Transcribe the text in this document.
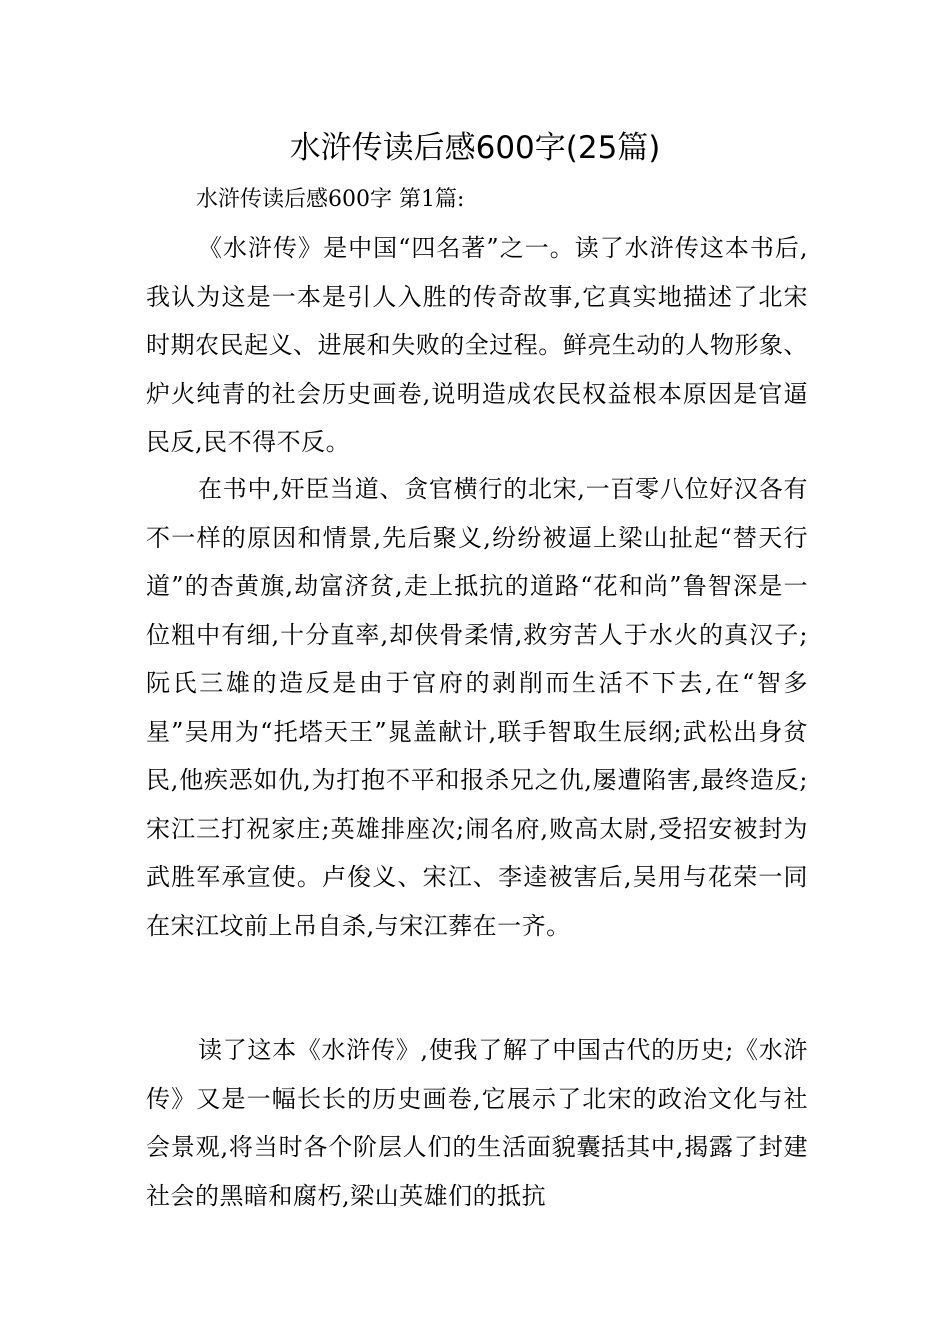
水浒传读后感600字(25篇)
水浒传读后感600字 第1篇:

《水浒传》是中国“四名著”之一。读了水浒传这本书后,我认为这是一本是引人入胜的传奇故事,它真实地描述了北宋时期农民起义、进展和失败的全过程。鲜亮生动的人物形象、炉火纯青的社会历史画卷,说明造成农民权益根本原因是官逼民反,民不得不反。

在书中,奸臣当道、贪官横行的北宋,一百零八位好汉各有不一样的原因和情景,先后聚义,纷纷被逼上梁山扯起“替天行道”的杏黄旗,劫富济贫,走上抵抗的道路“花和尚”鲁智深是一位粗中有细,十分直率,却侠骨柔情,救穷苦人于水火的真汉子;阮氏三雄的造反是由于官府的剥削而生活不下去,在“智多星”吴用为“托塔天王”晁盖献计,联手智取生辰纲;武松出身贫民,他疾恶如仇,为打抱不平和报杀兄之仇,屡遭陷害,最终造反;宋江三打祝家庄;英雄排座次;闹名府,败高太尉,受招安被封为武胜军承宣使。卢俊义、宋江、李逵被害后,吴用与花荣一同在宋江坟前上吊自杀,与宋江葬在一齐。

读了这本《水浒传》,使我了解了中国古代的历史;《水浒传》又是一幅长长的历史画卷,它展示了北宋的政治文化与社会景观,将当时各个阶层人们的生活面貌囊括其中,揭露了封建社会的黑暗和腐朽,梁山英雄们的抵抗
